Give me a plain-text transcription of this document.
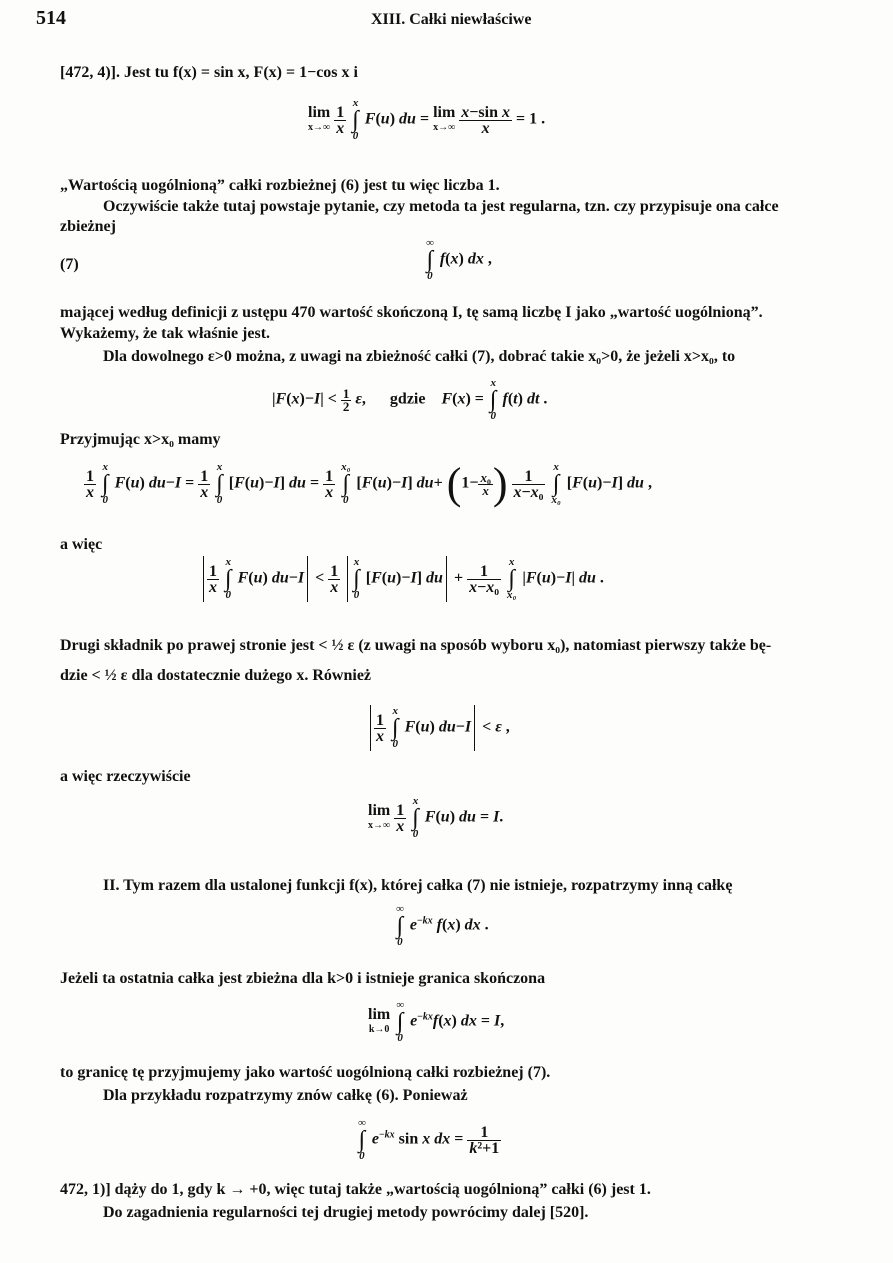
514	XIII. Całki niewłaściwe
[472, 4)]. Jest tu f(x) = sin x, F(x) = 1−cos x i
lim
x→∞
$\frac{1}{x}$

x
∫
0
F(u) du = lim
x→∞
$\frac{\text{x−sin x}}{x} = 1$ .
„Wartością uogólnioną” całki rozbieżnej (6) jest tu więc liczba 1.
Oczywiście także tutaj powstaje pytanie, czy metoda ta jest regularna, tzn. czy przypisuje ona całce
zbieżnej
(7)
∞
∫
0
f(x) dx ,
mającej według definicji z ustępu 470 wartość skończoną I, tę samą liczbę I jako „wartość uogólnioną”.
Wykażemy, że tak właśnie jest.
Dla dowolnego ε>0 można, z uwagi na zbieżność całki (7), dobrać takie x₀>0, że jeżeli x>x₀, to
$|F(x)-I| < \frac{1}{2} \varepsilon$,      gdzie    F(x) =
x
∫
0
f(t) dt .
Przyjmując x>x₀ mamy
$\frac{1}{x}$

x
∫
0
F(u) $du-I = \frac{1}{x}$

x
∫
0
[F(u)−I] du = $\frac{1}{x}$

x₀
∫
0
[F(u)−I] $du+ (1- \frac{\text{x₀}}{x}$ ) $\frac{1}{\text{x−x₀}}$

x
∫
x₀
[F(u)−I] du ,
a więc
$\frac{1}{x}$

x
∫
0
F(u) $du-I < \frac{1}{x}$

x
∫
0
[F(u)−I] du + $\frac{1}{\text{x−x₀}}$

x
∫
x₀
|F(u)−I| du .
Drugi składnik po prawej stronie jest < ½ ε (z uwagi na sposób wyboru x₀), natomiast pierwszy także bę-
dzie < ½ ε dla dostatecznie dużego x. Również
$\frac{1}{x}$

x
∫
0
F(u) du−I < ε ,
a więc rzeczywiście
lim
x→∞
$\frac{1}{x}$

x
∫
0
F(u) du = I.
II. Tym razem dla ustalonej funkcji f(x), której całka (7) nie istnieje, rozpatrzymy inną całkę
∞
∫
0
$e^{-kx}$ f(x) dx .
Jeżeli ta ostatnia całka jest zbieżna dla k>0 i istnieje granica skończona
lim
k→0

∞
∫
0
$e^{-kx}f(x)$ dx = I,
to granicę tę przyjmujemy jako wartość uogólnioną całki rozbieżnej (7).
Dla przykładu rozpatrzymy znów całkę (6). Ponieważ
∞
∫
0
$e^{-kx}$ sin x dx = $\frac{1}{\text{k²+1}}$
472, 1)] dąży do 1, gdy k → +0, więc tutaj także „wartością uogólnioną” całki (6) jest 1.
Do zagadnienia regularności tej drugiej metody powrócimy dalej [520].
